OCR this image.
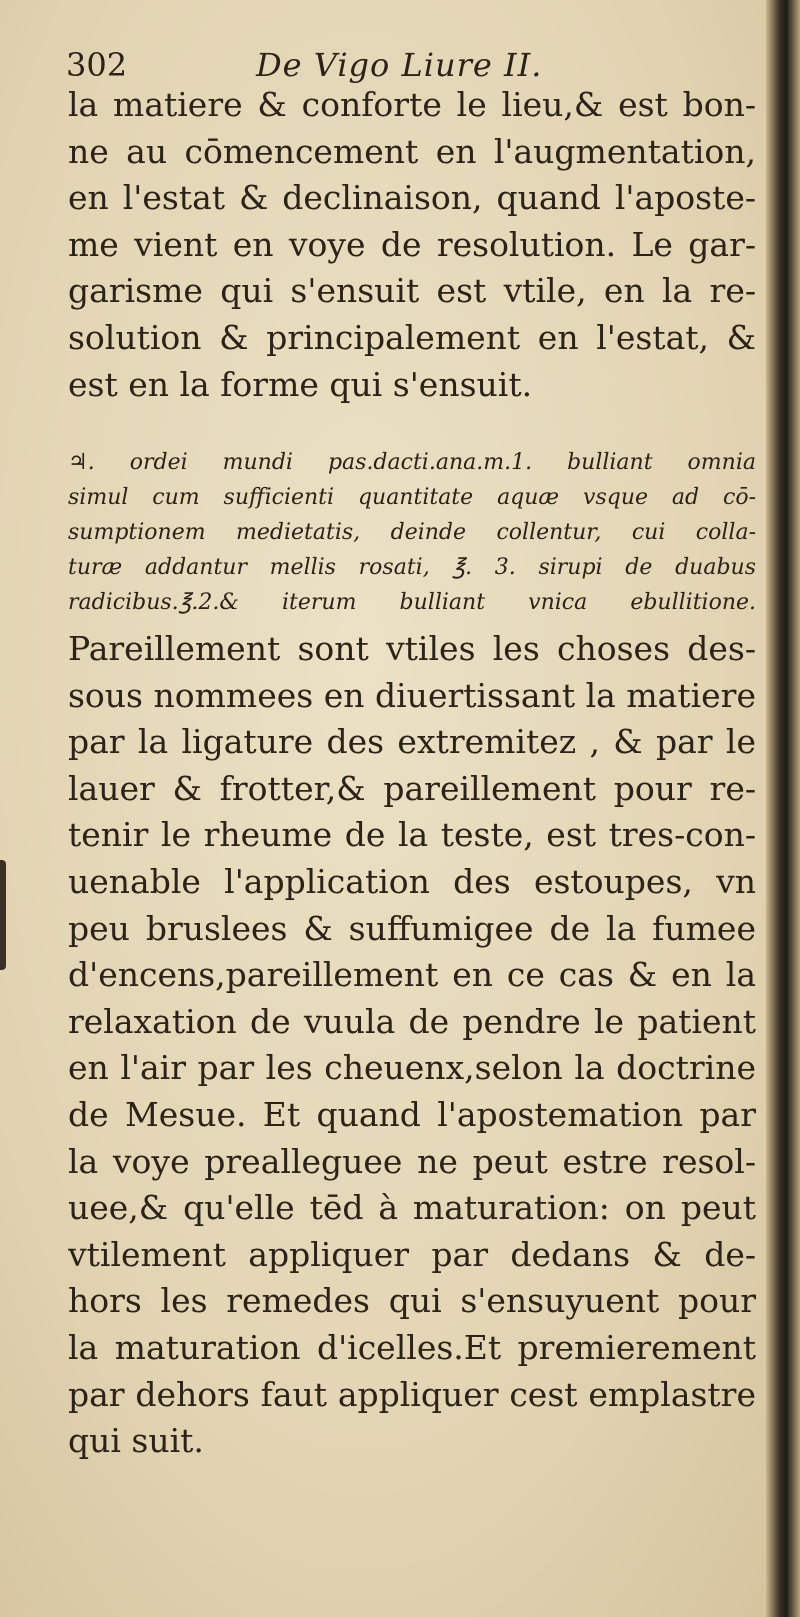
302	De Vigo Liure II.
la matiere & conforte le lieu,& est bon-
ne au cōmencement en l'augmentation,
en l'estat & declinaison, quand l'aposte-
me vient en voye de resolution. Le gar-
garisme qui s'ensuit est vtile, en la re-
solution & principalement en l'estat, &
est en la forme qui s'ensuit.
♃. ordei mundi pas.dacti.ana.m.1. bulliant omnia
simul cum sufficienti quantitate aquæ vsque ad cō-
sumptionem medietatis, deinde collentur, cui colla-
turæ addantur mellis rosati, ℥. 3. sirupi de duabus
radicibus.℥.2.& iterum bulliant vnica ebullitione.
Pareillement sont vtiles les choses des-
sous nommees en diuertissant la matiere
par la ligature des extremitez , & par le
lauer & frotter,& pareillement pour re-
tenir le rheume de la teste, est tres-con-
uenable l'application des estoupes, vn
peu bruslees & suffumigee de la fumee
d'encens,pareillement en ce cas & en la
relaxation de vuula de pendre le patient
en l'air par les cheuenx,selon la doctrine
de Mesue. Et quand l'apostemation par
la voye prealleguee ne peut estre resol-
uee,& qu'elle tēd à maturation: on peut
vtilement appliquer par dedans & de-
hors les remedes qui s'ensuyuent pour
la maturation d'icelles.Et premierement
par dehors faut appliquer cest emplastre
qui suit.
